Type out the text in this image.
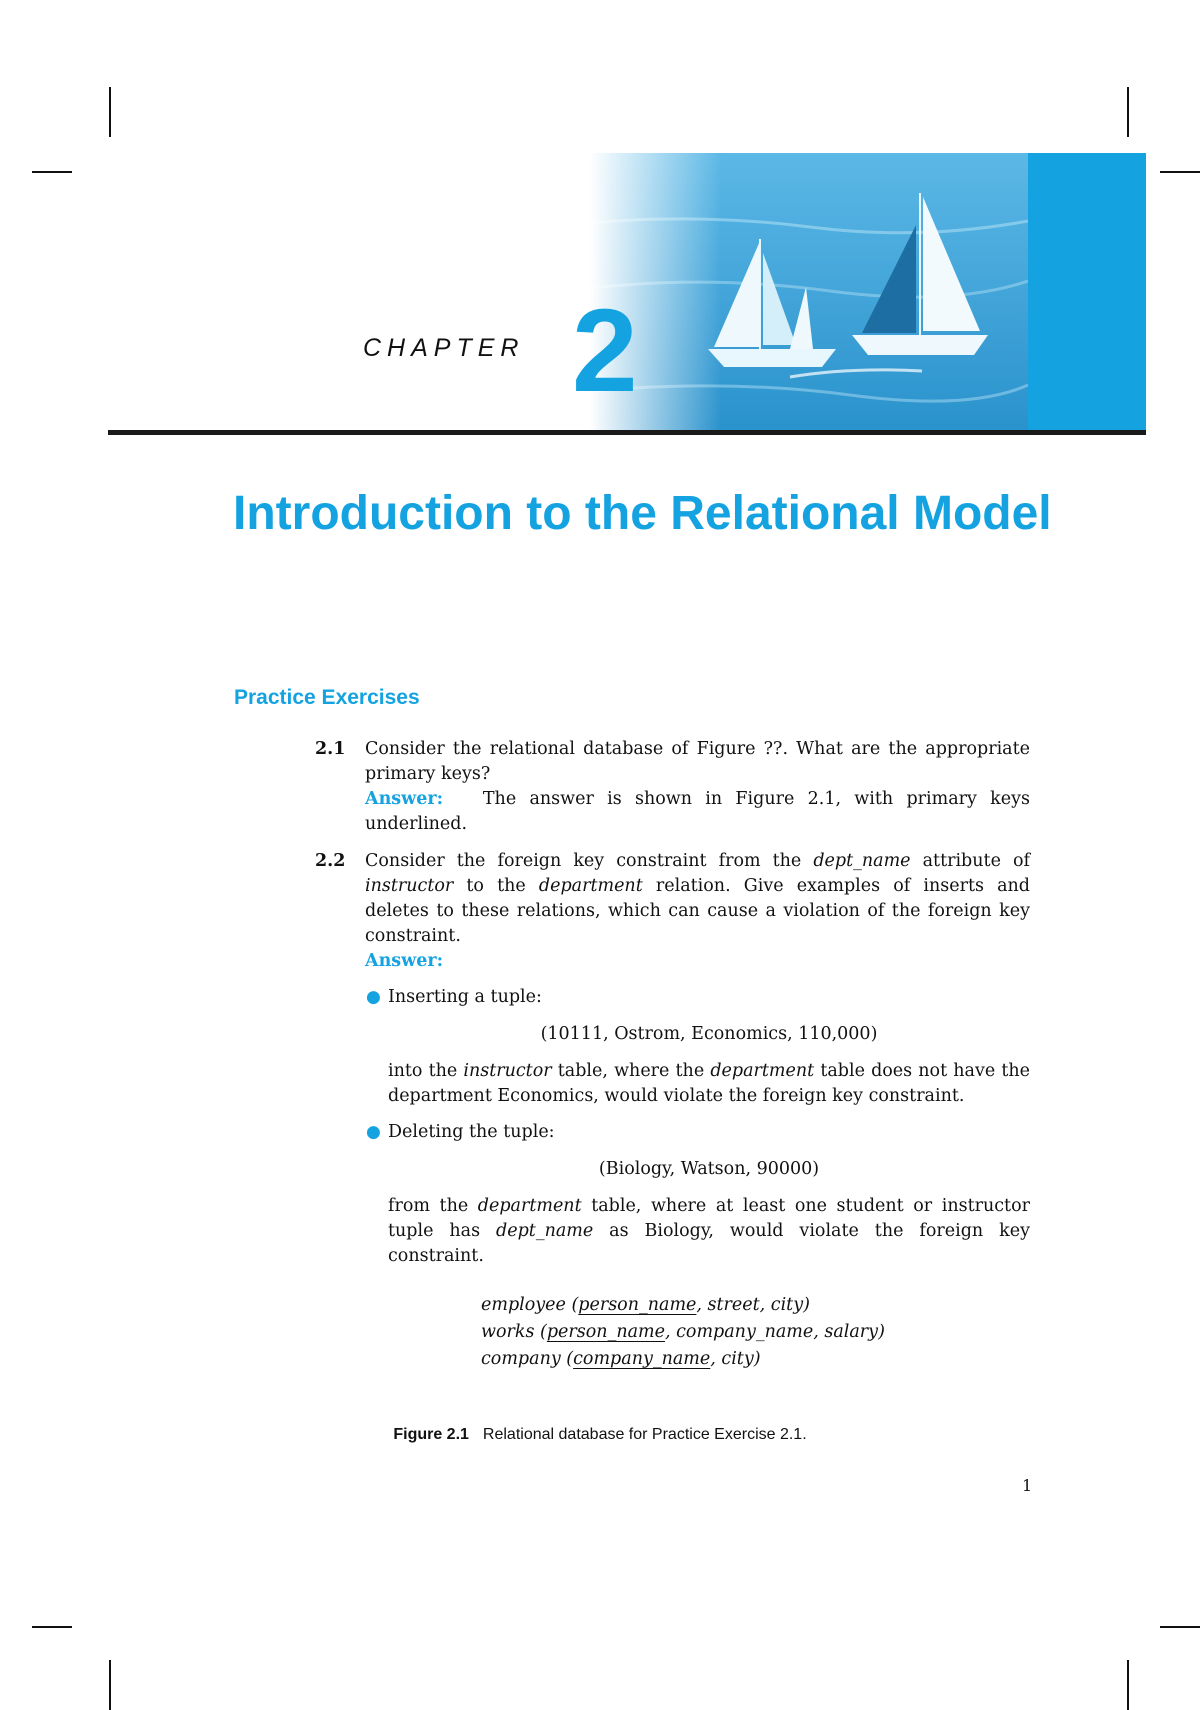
CHAPTER 2
Introduction to the Relational Model
Practice Exercises
2.1 Consider the relational database of Figure ??. What are the appropriate primary keys?
Answer: The answer is shown in Figure 2.1, with primary keys underlined.
2.2 Consider the foreign key constraint from the dept_name attribute of instructor to the department relation. Give examples of inserts and deletes to these relations, which can cause a violation of the foreign key constraint.
Answer:
● Inserting a tuple:
(10111, Ostrom, Economics, 110,000)
into the instructor table, where the department table does not have the department Economics, would violate the foreign key constraint.
● Deleting the tuple:
(Biology, Watson, 90000)
from the department table, where at least one student or instructor tuple has dept_name as Biology, would violate the foreign key constraint.
employee (person_name, street, city)
works (person_name, company_name, salary)
company (company_name, city)
Figure 2.1 Relational database for Practice Exercise 2.1.
1
